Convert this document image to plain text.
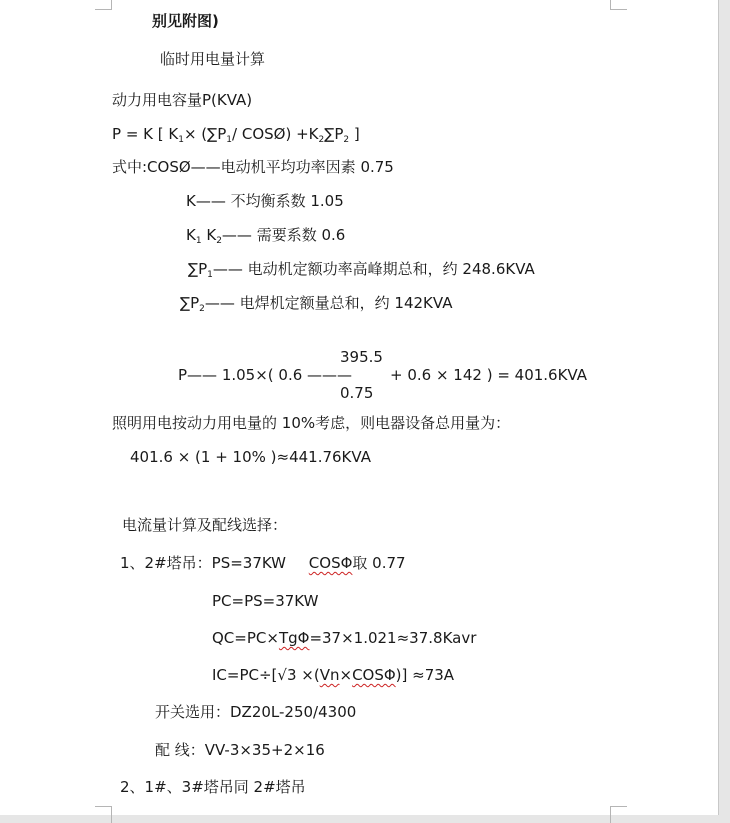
别见附图)
临时用电量计算
动力用电容量P(KVA)
P = K [ $K_1\times (\sum P_1/$ COSØ) $+K_2\sum P_2$ ]
式中:COSØ——电动机平均功率因素 0.75
K—— 不均衡系数 1.05
$K_1$ $K_2——$ 需要系数 0.6
$\sum P_1——$ 电动机定额功率高峰期总和，约 248.6KVA
$\sum P_2——$ 电焊机定额量总和，约 142KVA
395.5
P—— 1.05×( 0.6 ———	+ 0.6 × 142 ) = 401.6KVA
0.75
照明用电按动力用电量的 10%考虑，则电器设备总用量为：
401.6 × (1 + 10% )≈441.76KVA
电流量计算及配线选择：
1、2#塔吊：PS=37KW COSΦ取 0.77
PC=PS=37KW
QC=PC×TgΦ=37×1.021≈37.8Kavr
IC=PC÷[√3 ×(Vn×COSΦ)] ≈73A
开关选用：DZ20L-250/4300
配 线：VV-3×35+2×16
2、1#、3#塔吊同 2#塔吊
